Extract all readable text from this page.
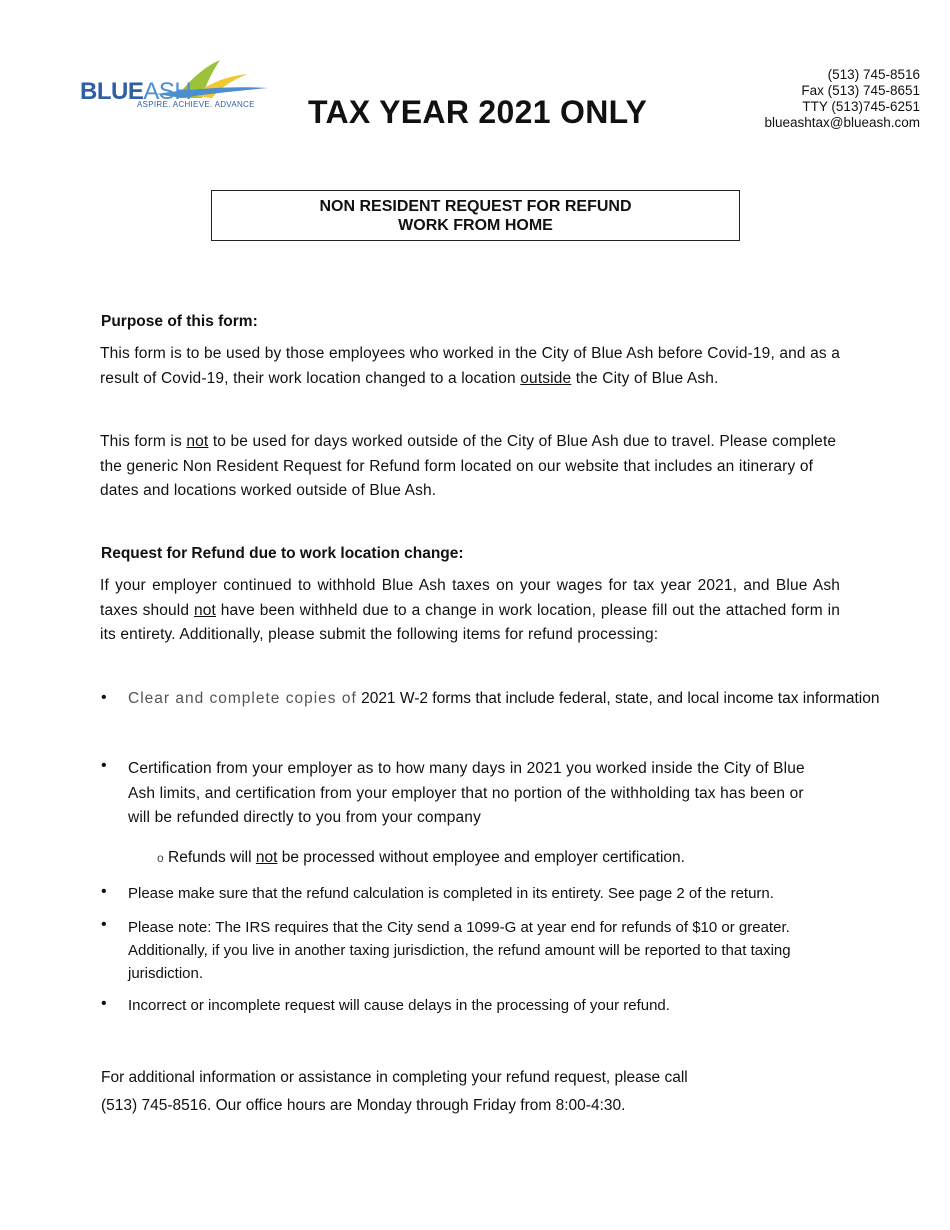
BLUEASH
ASPIRE. ACHIEVE. ADVANCE TAX YEAR 2021 ONLY
(513) 745-8516
Fax (513) 745-8651
TTY (513)745-6251
blueashtax@blueash.com
NON RESIDENT REQUEST FOR REFUND
WORK FROM HOME
Purpose of this form:
This form is to be used by those employees who worked in the City of Blue Ash before Covid-19, and as a result of Covid-19, their work location changed to a location outside the City of Blue Ash.
This form is not to be used for days worked outside of the City of Blue Ash due to travel. Please complete the generic Non Resident Request for Refund form located on our website that includes an itinerary of dates and locations worked outside of Blue Ash.
Request for Refund due to work location change:
If your employer continued to withhold Blue Ash taxes on your wages for tax year 2021, and Blue Ash taxes should not have been withheld due to a change in work location, please fill out the attached form in its entirety. Additionally, please submit the following items for refund processing:
• Clear and complete copies of 2021 W-2 forms that include federal, state, and local income tax information
• Certification from your employer as to how many days in 2021 you worked inside the City of Blue Ash limits, and certification from your employer that no portion of the withholding tax has been or will be refunded directly to you from your company
o Refunds will not be processed without employee and employer certification.
• Please make sure that the refund calculation is completed in its entirety. See page 2 of the return.
• Please note: The IRS requires that the City send a 1099-G at year end for refunds of $10 or greater. Additionally, if you live in another taxing jurisdiction, the refund amount will be reported to that taxing jurisdiction.
• Incorrect or incomplete request will cause delays in the processing of your refund.
For additional information or assistance in completing your refund request, please call
(513) 745-8516. Our office hours are Monday through Friday from 8:00-4:30.
